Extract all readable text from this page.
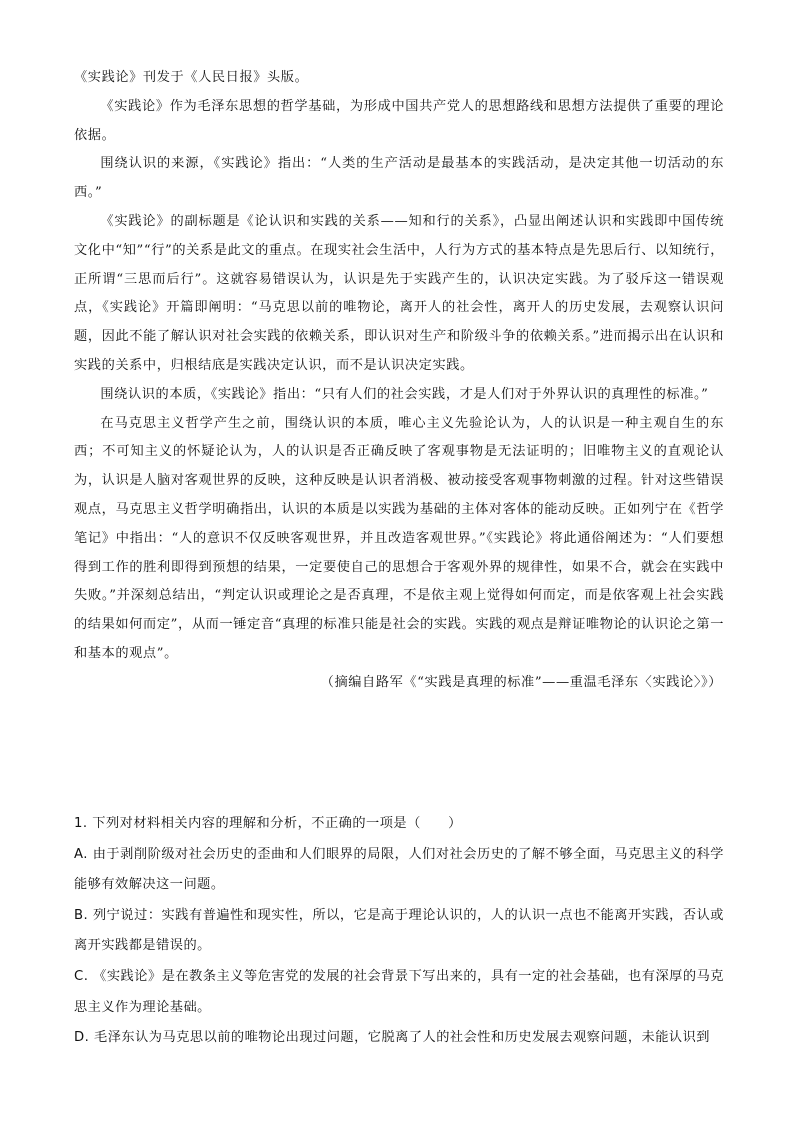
《实践论》刊发于《人民日报》头版。

《实践论》作为毛泽东思想的哲学基础，为形成中国共产党人的思想路线和思想方法提供了重要的理论依据。

围绕认识的来源，《实践论》指出：“人类的生产活动是最基本的实践活动，是决定其他一切活动的东西。”

《实践论》的副标题是《论认识和实践的关系——知和行的关系》，凸显出阐述认识和实践即中国传统文化中“知”“行”的关系是此文的重点。在现实社会生活中，人行为方式的基本特点是先思后行、以知统行，正所谓“三思而后行”。这就容易错误认为，认识是先于实践产生的，认识决定实践。为了驳斥这一错误观点，《实践论》开篇即阐明：“马克思以前的唯物论，离开人的社会性，离开人的历史发展，去观察认识问题，因此不能了解认识对社会实践的依赖关系，即认识对生产和阶级斗争的依赖关系。”进而揭示出在认识和实践的关系中，归根结底是实践决定认识，而不是认识决定实践。

围绕认识的本质，《实践论》指出：“只有人们的社会实践，才是人们对于外界认识的真理性的标准。”

在马克思主义哲学产生之前，围绕认识的本质，唯心主义先验论认为，人的认识是一种主观自生的东西；不可知主义的怀疑论认为，人的认识是否正确反映了客观事物是无法证明的；旧唯物主义的直观论认为，认识是人脑对客观世界的反映，这种反映是认识者消极、被动接受客观事物刺激的过程。针对这些错误观点，马克思主义哲学明确指出，认识的本质是以实践为基础的主体对客体的能动反映。正如列宁在《哲学笔记》中指出：“人的意识不仅反映客观世界，并且改造客观世界。”《实践论》将此通俗阐述为：“人们要想得到工作的胜利即得到预想的结果，一定要使自己的思想合于客观外界的规律性，如果不合，就会在实践中失败。”并深刻总结出，“判定认识或理论之是否真理，不是依主观上觉得如何而定，而是依客观上社会实践的结果如何而定”，从而一锤定音“真理的标准只能是社会的实践。实践的观点是辩证唯物论的认识论之第一和基本的观点”。

（摘编自路军《“实践是真理的标准”——重温毛泽东〈实践论〉》）

1. 下列对材料相关内容的理解和分析，不正确的一项是（　　）

A. 由于剥削阶级对社会历史的歪曲和人们眼界的局限，人们对社会历史的了解不够全面，马克思主义的科学能够有效解决这一问题。

B. 列宁说过：实践有普遍性和现实性，所以，它是高于理论认识的，人的认识一点也不能离开实践，否认或离开实践都是错误的。

C. 《实践论》是在教条主义等危害党的发展的社会背景下写出来的，具有一定的社会基础，也有深厚的马克思主义作为理论基础。

D. 毛泽东认为马克思以前的唯物论出现过问题，它脱离了人的社会性和历史发展去观察问题，未能认识到
